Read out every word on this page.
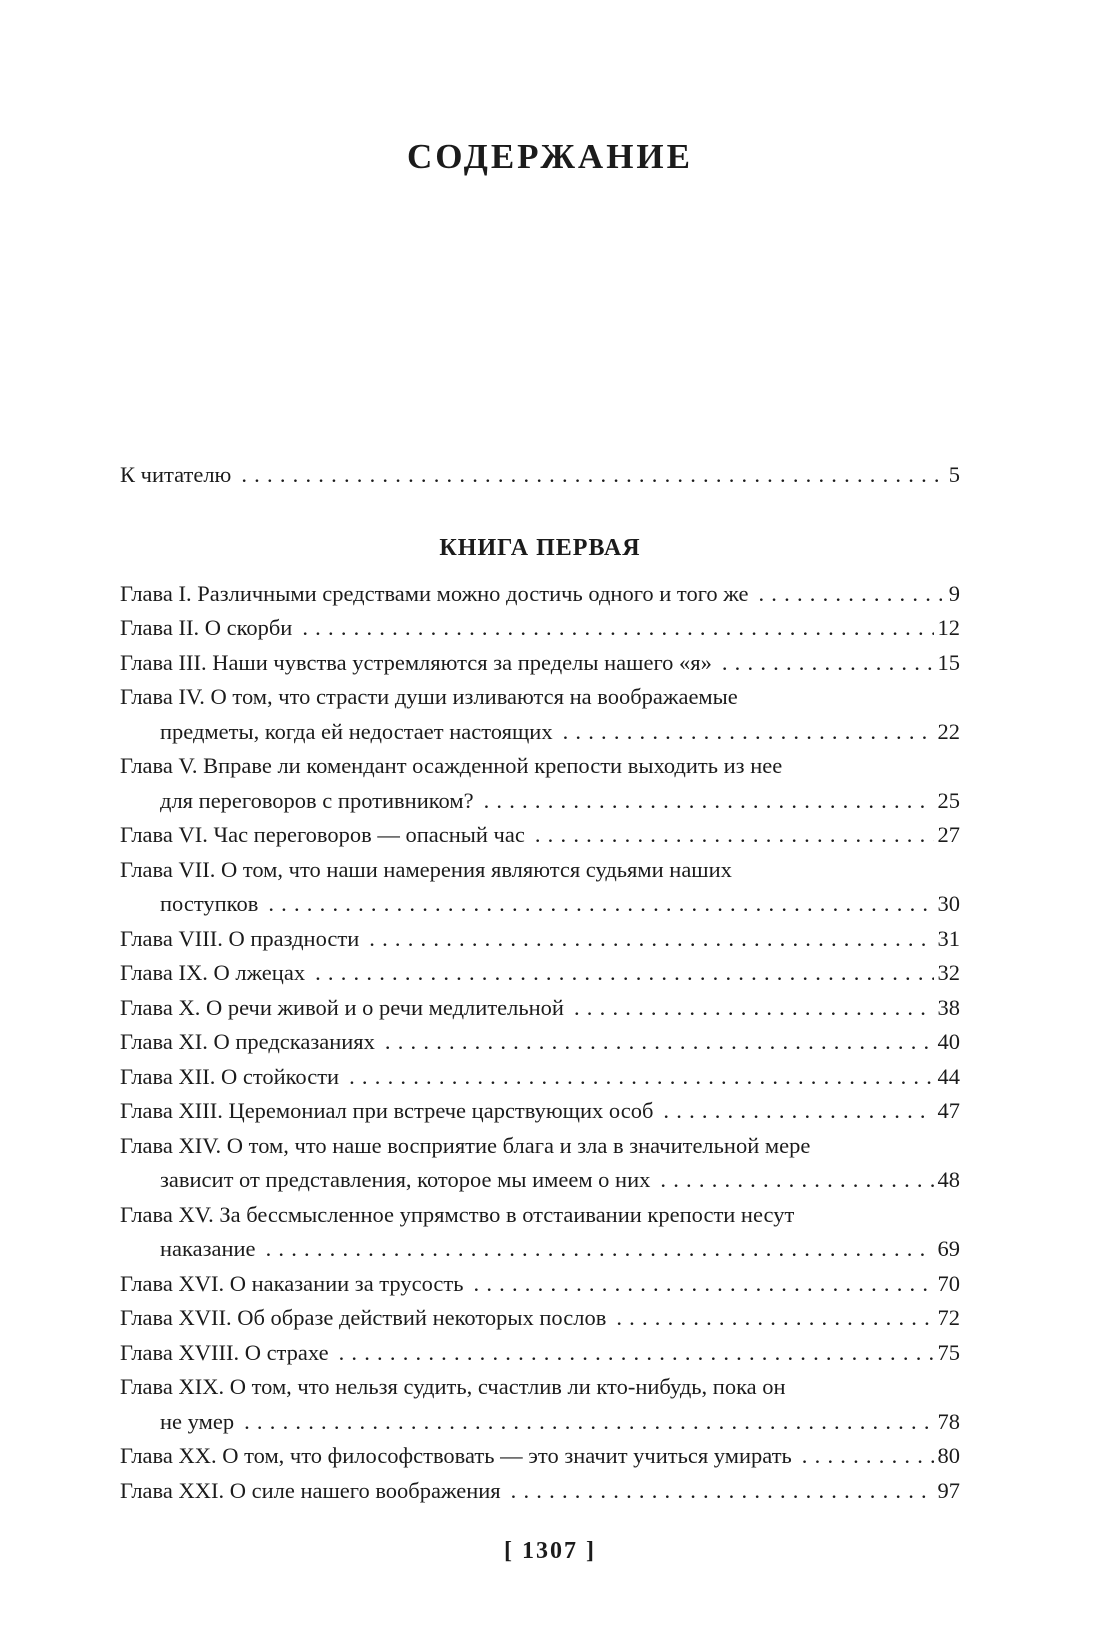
СОДЕРЖАНИЕ
К читателю .....	5
КНИГА ПЕРВАЯ
Глава I. Различными средствами можно достичь одного и того же .....	9
Глава II. О скорби .....	12
Глава III. Наши чувства устремляются за пределы нашего «я» .....	15
Глава IV. О том, что страсти души изливаются на воображаемые
предметы, когда ей недостает настоящих .....	22
Глава V. Вправе ли комендант осажденной крепости выходить из нее
для переговоров с противником? .....	25
Глава VI. Час переговоров — опасный час .....	27
Глава VII. О том, что наши намерения являются судьями наших
поступков .....	30
Глава VIII. О праздности .....	31
Глава IX. О лжецах .....	32
Глава X. О речи живой и о речи медлительной .....	38
Глава XI. О предсказаниях .....	40
Глава XII. О стойкости .....	44
Глава XIII. Церемониал при встрече царствующих особ .....	47
Глава XIV. О том, что наше восприятие блага и зла в значительной мере
зависит от представления, которое мы имеем о них .....	48
Глава XV. За бессмысленное упрямство в отстаивании крепости несут
наказание .....	69
Глава XVI. О наказании за трусость .....	70
Глава XVII. Об образе действий некоторых послов .....	72
Глава XVIII. О страхе .....	75
Глава XIX. О том, что нельзя судить, счастлив ли кто-нибудь, пока он
не умер .....	78
Глава XX. О том, что философствовать — это значит учиться умирать .....	80
Глава XXI. О силе нашего воображения .....	97
[ 1307 ]
